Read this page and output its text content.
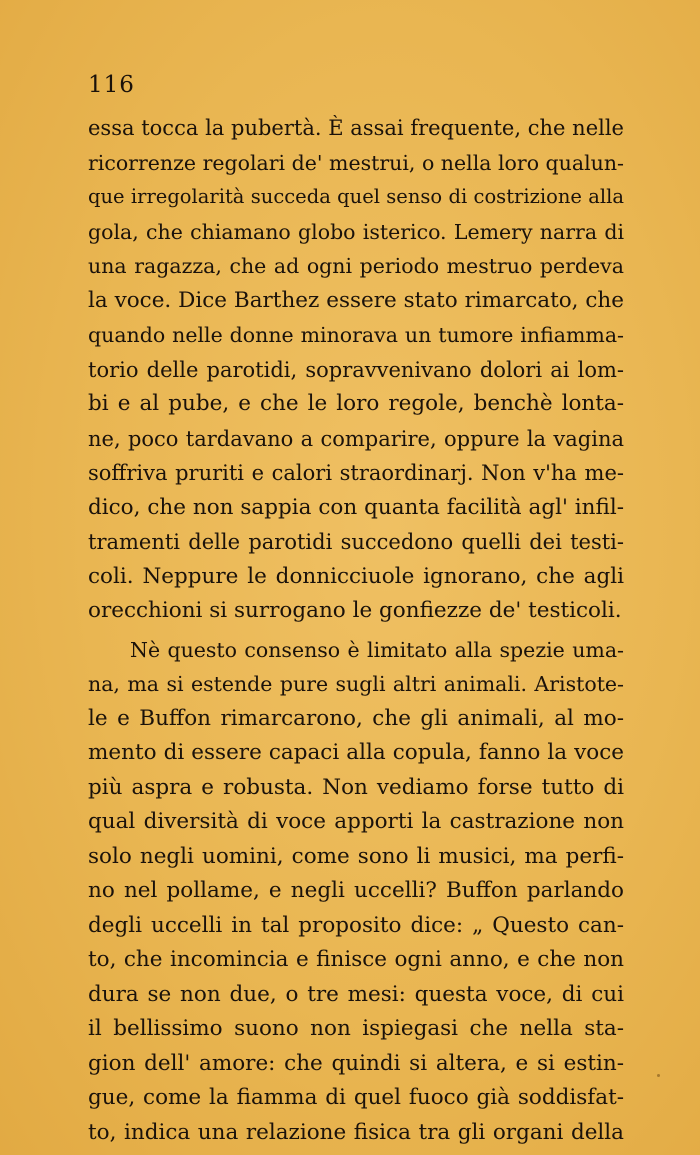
116
essa tocca la pubertà. È assai frequente, che nelle
ricorrenze regolari de' mestrui, o nella loro qualun-
que irregolarità succeda quel senso di costrizione alla
gola, che chiamano globo isterico. Lemery narra di
una ragazza, che ad ogni periodo mestruo perdeva
la voce. Dice Barthez essere stato rimarcato, che
quando nelle donne minorava un tumore infiamma-
torio delle parotidi, sopravvenivano dolori ai lom-
bi e al pube, e che le loro regole, benchè lonta-
ne, poco tardavano a comparire, oppure la vagina
soffriva pruriti e calori straordinarj. Non v'ha me-
dico, che non sappia con quanta facilità agl' infil-
tramenti delle parotidi succedono quelli dei testi-
coli. Neppure le donnicciuole ignorano, che agli
orecchioni si surrogano le gonfiezze de' testicoli.
Nè questo consenso è limitato alla spezie uma-
na, ma si estende pure sugli altri animali. Aristote-
le e Buffon rimarcarono, che gli animali, al mo-
mento di essere capaci alla copula, fanno la voce
più aspra e robusta. Non vediamo forse tutto di
qual diversità di voce apporti la castrazione non
solo negli uomini, come sono li musici, ma perfi-
no nel pollame, e negli uccelli? Buffon parlando
degli uccelli in tal proposito dice: „ Questo can-
to, che incomincia e finisce ogni anno, e che non
dura se non due, o tre mesi: questa voce, di cui
il bellissimo suono non ispiegasi che nella sta-
gion dell' amore: che quindi si altera, e si estin-
gue, come la fiamma di quel fuoco già soddisfat-
to, indica una relazione fisica tra gli organi della
